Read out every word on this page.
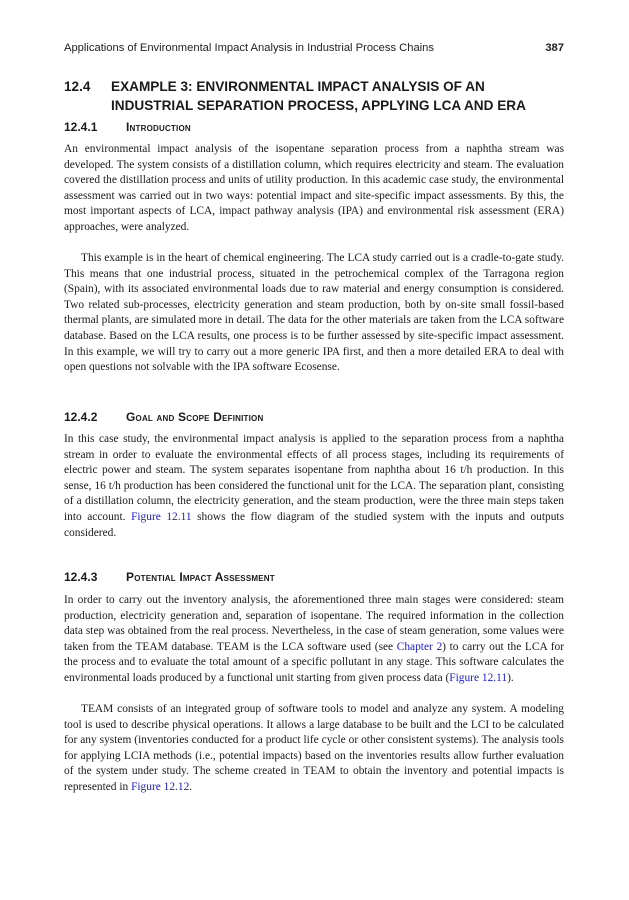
Applications of Environmental Impact Analysis in Industrial Process Chains	387
12.4	EXAMPLE 3: ENVIRONMENTAL IMPACT ANALYSIS OF AN INDUSTRIAL SEPARATION PROCESS, APPLYING LCA AND ERA
12.4.1	Introduction

An environmental impact analysis of the isopentane separation process from a naphtha stream was developed. The system consists of a distillation column, which requires electricity and steam. The evaluation covered the distillation process and units of utility production. In this academic case study, the environmental assessment was carried out in two ways: potential impact and site-specific impact assessments. By this, the most important aspects of LCA, impact pathway analysis (IPA) and environmental risk assessment (ERA) approaches, were analyzed.

This example is in the heart of chemical engineering. The LCA study carried out is a cradle-to-gate study. This means that one industrial process, situated in the petrochemical complex of the Tarragona region (Spain), with its associated environmental loads due to raw material and energy consumption is considered. Two related sub-processes, electricity generation and steam production, both by on-site small fossil-based thermal plants, are simulated more in detail. The data for the other materials are taken from the LCA software database. Based on the LCA results, one process is to be further assessed by site-specific impact assessment. In this example, we will try to carry out a more generic IPA first, and then a more detailed ERA to deal with open questions not solvable with the IPA software Ecosense.

12.4.2	Goal and Scope Definition

In this case study, the environmental impact analysis is applied to the separation process from a naphtha stream in order to evaluate the environmental effects of all process stages, including its requirements of electric power and steam. The system separates isopentane from naphtha about 16 t/h production. In this sense, 16 t/h production has been considered the functional unit for the LCA. The separation plant, consisting of a distillation column, the electricity generation, and the steam production, were the three main steps taken into account. Figure 12.11 shows the flow diagram of the studied system with the inputs and outputs considered.

12.4.3	Potential Impact Assessment

In order to carry out the inventory analysis, the aforementioned three main stages were considered: steam production, electricity generation and, separation of isopentane. The required information in the collection data step was obtained from the real process. Nevertheless, in the case of steam generation, some values were taken from the TEAM database. TEAM is the LCA software used (see Chapter 2) to carry out the LCA for the process and to evaluate the total amount of a specific pollutant in any stage. This software calculates the environmental loads produced by a functional unit starting from given process data (Figure 12.11).

TEAM consists of an integrated group of software tools to model and analyze any system. A modeling tool is used to describe physical operations. It allows a large database to be built and the LCI to be calculated for any system (inventories conducted for a product life cycle or other consistent systems). The analysis tools for applying LCIA methods (i.e., potential impacts) based on the inventories results allow further evaluation of the system under study. The scheme created in TEAM to obtain the inventory and potential impacts is represented in Figure 12.12.
